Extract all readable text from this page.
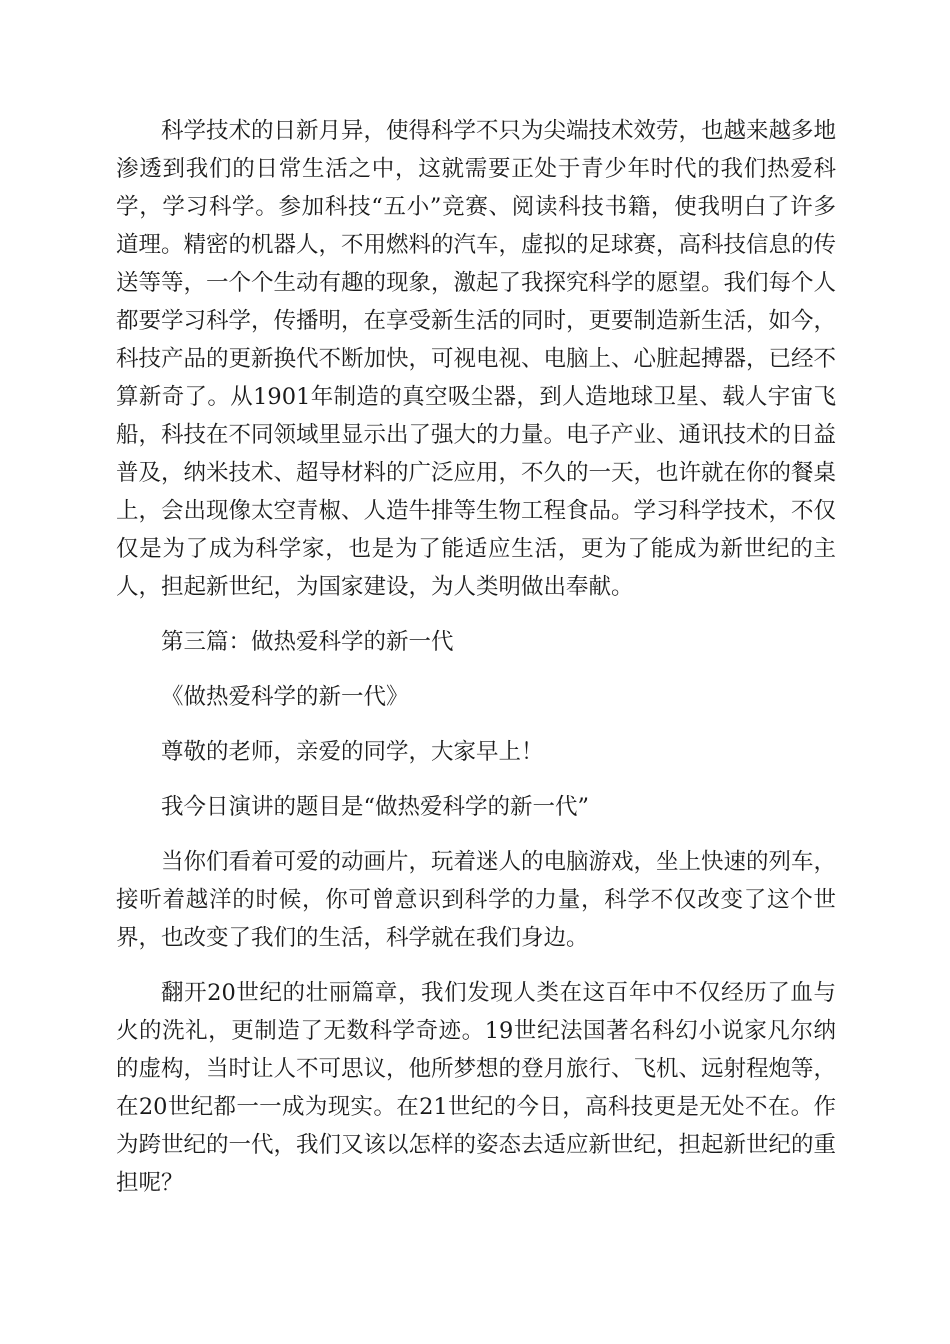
科学技术的日新月异，使得科学不只为尖端技术效劳，也越来越多地渗透到我们的日常生活之中，这就需要正处于青少年时代的我们热爱科学，学习科学。参加科技“五小”竞赛、阅读科技书籍，使我明白了许多道理。精密的机器人，不用燃料的汽车，虚拟的足球赛，高科技信息的传送等等，一个个生动有趣的现象，激起了我探究科学的愿望。我们每个人都要学习科学，传播明，在享受新生活的同时，更要制造新生活，如今，科技产品的更新换代不断加快，可视电视、电脑上、心脏起搏器，已经不算新奇了。从1901年制造的真空吸尘器，到人造地球卫星、载人宇宙飞船，科技在不同领域里显示出了强大的力量。电子产业、通讯技术的日益普及，纳米技术、超导材料的广泛应用，不久的一天，也许就在你的餐桌上，会出现像太空青椒、人造牛排等生物工程食品。学习科学技术，不仅仅是为了成为科学家，也是为了能适应生活，更为了能成为新世纪的主人，担起新世纪，为国家建设，为人类明做出奉献。

第三篇：做热爱科学的新一代

《做热爱科学的新一代》

尊敬的老师，亲爱的同学，大家早上！

我今日演讲的题目是“做热爱科学的新一代”

当你们看着可爱的动画片，玩着迷人的电脑游戏，坐上快速的列车，接听着越洋的时候，你可曾意识到科学的力量，科学不仅改变了这个世界，也改变了我们的生活，科学就在我们身边。

翻开20世纪的壮丽篇章，我们发现人类在这百年中不仅经历了血与火的洗礼，更制造了无数科学奇迹。19世纪法国著名科幻小说家凡尔纳的虚构，当时让人不可思议，他所梦想的登月旅行、飞机、远射程炮等，在20世纪都一一成为现实。在21世纪的今日，高科技更是无处不在。作为跨世纪的一代，我们又该以怎样的姿态去适应新世纪，担起新世纪的重担呢？
